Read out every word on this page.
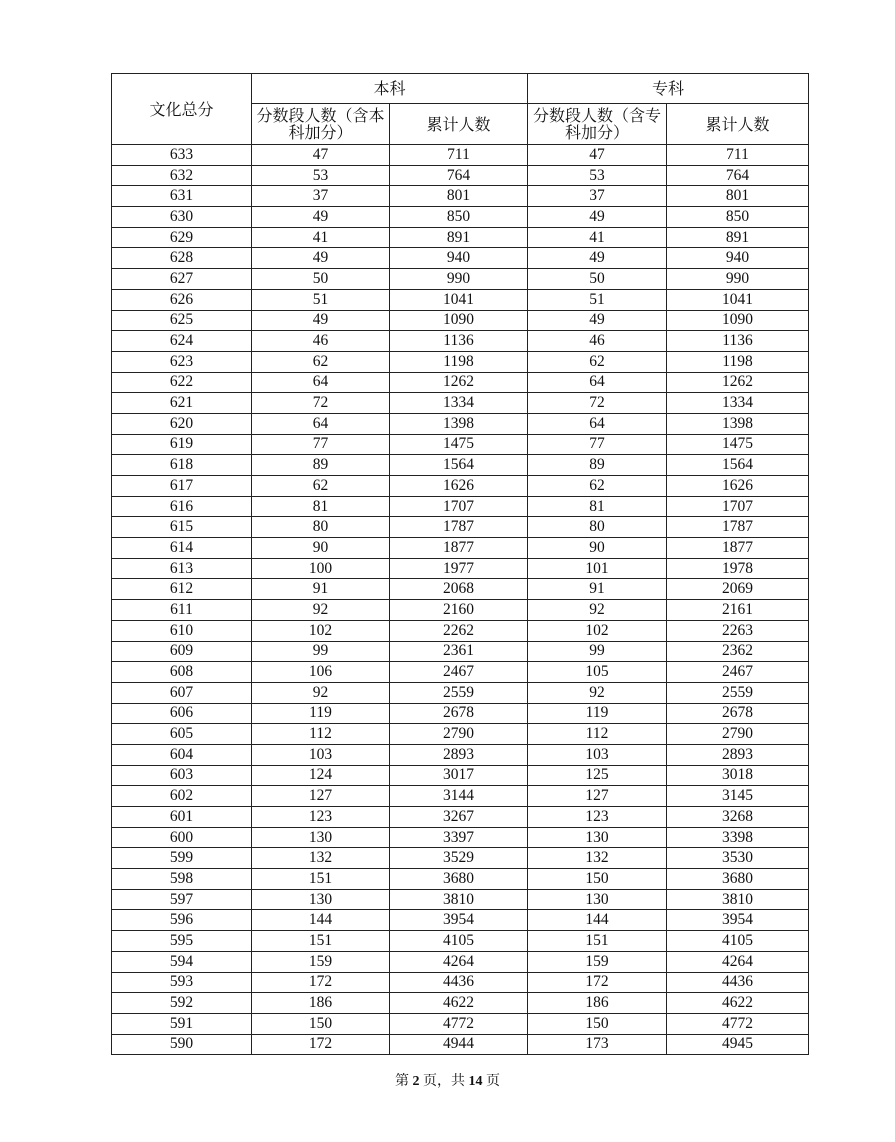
文化总分	本科		专科	
	分数段人数（含本科加分）	累计人数	分数段人数（含专科加分）	累计人数
633	47	711	47	711
632	53	764	53	764
631	37	801	37	801
630	49	850	49	850
629	41	891	41	891
628	49	940	49	940
627	50	990	50	990
626	51	1041	51	1041
625	49	1090	49	1090
624	46	1136	46	1136
623	62	1198	62	1198
622	64	1262	64	1262
621	72	1334	72	1334
620	64	1398	64	1398
619	77	1475	77	1475
618	89	1564	89	1564
617	62	1626	62	1626
616	81	1707	81	1707
615	80	1787	80	1787
614	90	1877	90	1877
613	100	1977	101	1978
612	91	2068	91	2069
611	92	2160	92	2161
610	102	2262	102	2263
609	99	2361	99	2362
608	106	2467	105	2467
607	92	2559	92	2559
606	119	2678	119	2678
605	112	2790	112	2790
604	103	2893	103	2893
603	124	3017	125	3018
602	127	3144	127	3145
601	123	3267	123	3268
600	130	3397	130	3398
599	132	3529	132	3530
598	151	3680	150	3680
597	130	3810	130	3810
596	144	3954	144	3954
595	151	4105	151	4105
594	159	4264	159	4264
593	172	4436	172	4436
592	186	4622	186	4622
591	150	4772	150	4772
590	172	4944	173	4945
第 2 页，共 14 页
